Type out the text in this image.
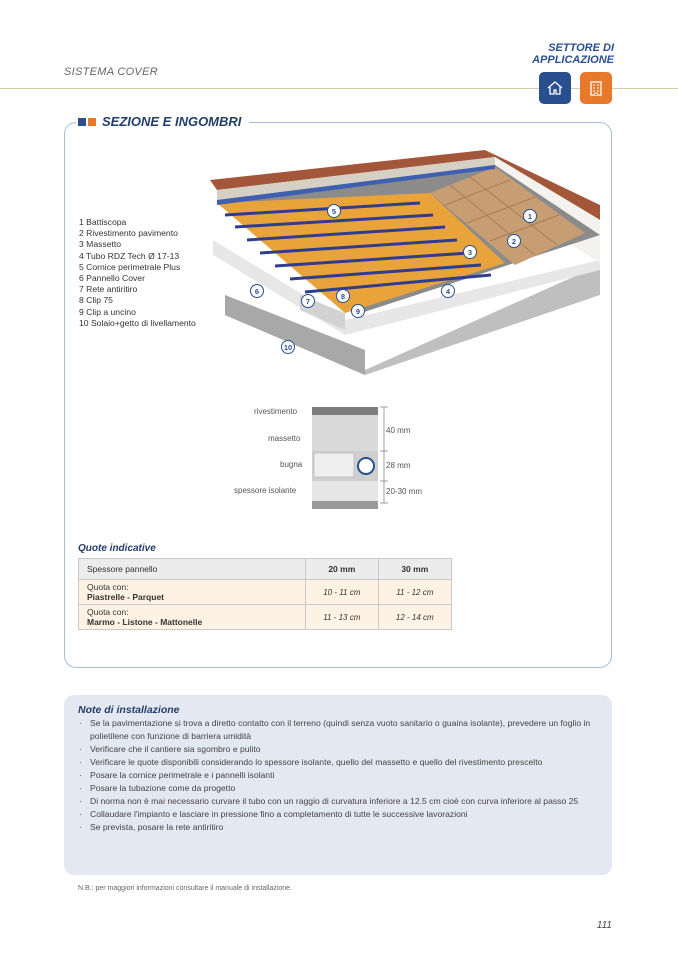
SISTEMA COVER
SETTORE DI
APPLICAZIONE
SEZIONE E INGOMBRI
1 Battiscopa
2 Rivestimento pavimento
3 Massetto
4 Tubo RDZ Tech Ø 17-13
5 Cornice perimetrale Plus
6 Pannello Cover
7 Rete antiritiro
8 Clip 75
9 Clip a uncino
10 Solaio+getto di livellamento
1
2
3
4
5
6
7
8
9
10
rivestimento
massetto
bugna
spessore isolante
40 mm
28 mm
20-30 mm
Quote indicative
Spessore pannello	20 mm	30 mm

Quota con:
Piastrelle - Parquet	10 - 11 cm	11 - 12 cm

Quota con:
Marmo - Listone - Mattonelle	11 - 13 cm	12 - 14 cm
· Se la pavimentazione si trova a diretto contatto con il terreno (quindi senza vuoto sanitario o guaina isolante), prevedere un foglio in polietilene con funzione di barriera umidità
· Verificare che il cantiere sia sgombro e pulito
· Verificare le quote disponibili considerando lo spessore isolante, quello del massetto e quello del rivestimento prescelto
· Posare la cornice perimetrale e i pannelli isolanti
· Posare la tubazione come da progetto
· Di norma non è mai necessario curvare il tubo con un raggio di curvatura inferiore a 12.5 cm cioè con curva inferiore al passo 25
· Collaudare l'impianto e lasciare in pressione fino a completamento di tutte le successive lavorazioni
· Se prevista, posare la rete antiritiro
Note di installazione
N.B.: per maggiori informazioni consultare il manuale di installazione.
111
